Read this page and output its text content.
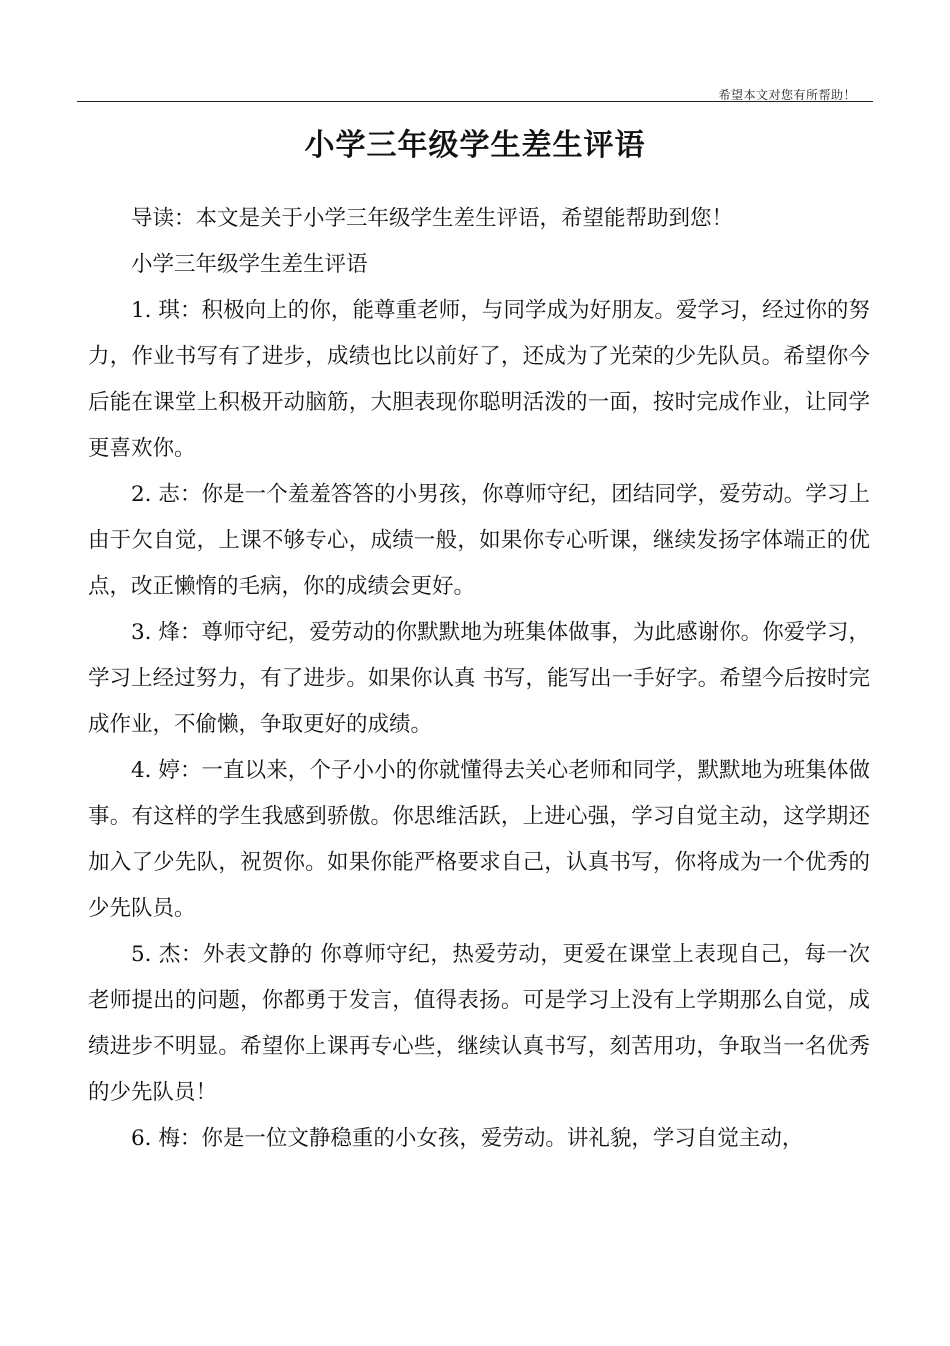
希望本文对您有所帮助！
小学三年级学生差生评语

导读：本文是关于小学三年级学生差生评语，希望能帮助到您！

小学三年级学生差生评语

1. 琪：积极向上的你，能尊重老师，与同学成为好朋友。爱学习，经过你的努力，作业书写有了进步，成绩也比以前好了，还成为了光荣的少先队员。希望你今后能在课堂上积极开动脑筋，大胆表现你聪明活泼的一面，按时完成作业，让同学更喜欢你。

2. 志：你是一个羞羞答答的小男孩，你尊师守纪，团结同学，爱劳动。学习上由于欠自觉，上课不够专心，成绩一般，如果你专心听课，继续发扬字体端正的优点，改正懒惰的毛病，你的成绩会更好。

3. 烽：尊师守纪，爱劳动的你默默地为班集体做事，为此感谢你。你爱学习，学习上经过努力，有了进步。如果你认真 书写，能写出一手好字。希望今后按时完成作业，不偷懒，争取更好的成绩。

4. 婷：一直以来，个子小小的你就懂得去关心老师和同学，默默地为班集体做事。有这样的学生我感到骄傲。你思维活跃，上进心强，学习自觉主动，这学期还加入了少先队，祝贺你。如果你能严格要求自己，认真书写，你将成为一个优秀的少先队员。

5. 杰：外表文静的 你尊师守纪，热爱劳动，更爱在课堂上表现自己，每一次老师提出的问题，你都勇于发言，值得表扬。可是学习上没有上学期那么自觉，成绩进步不明显。希望你上课再专心些，继续认真书写，刻苦用功，争取当一名优秀的少先队员！

6. 梅：你是一位文静稳重的小女孩，爱劳动。讲礼貌，学习自觉主动，
